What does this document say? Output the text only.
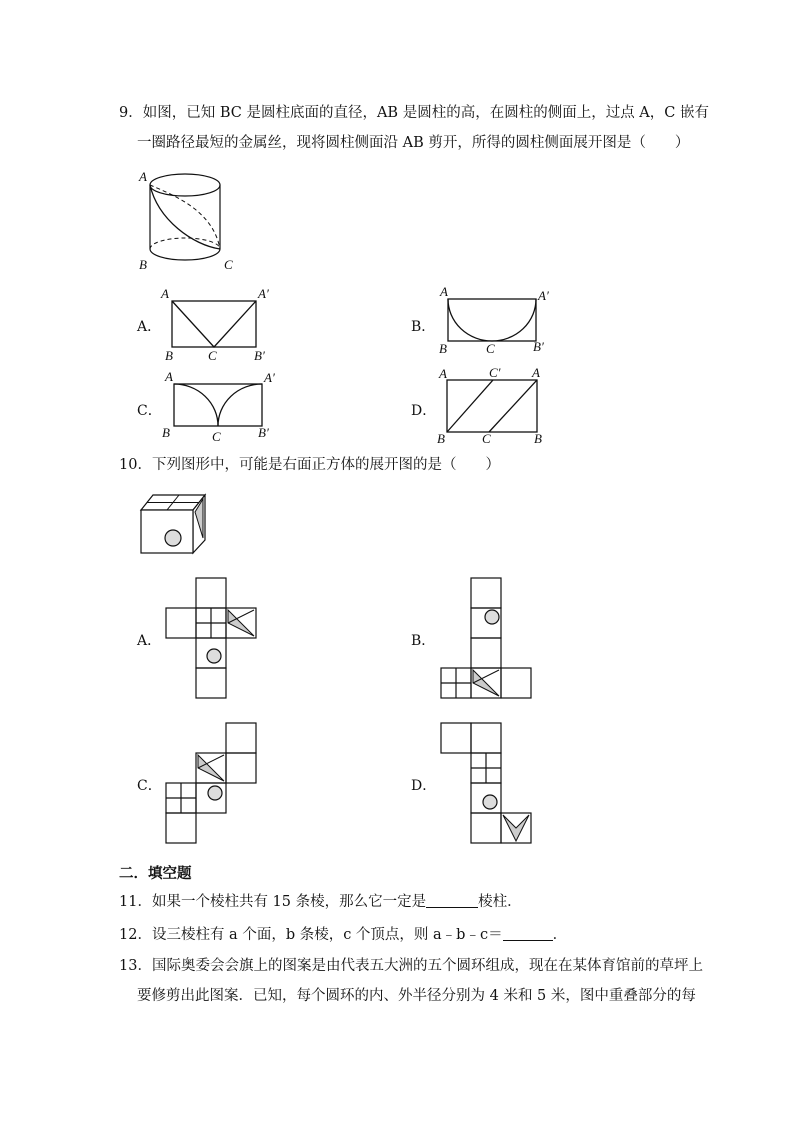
9．如图，已知 BC 是圆柱底面的直径，AB 是圆柱的高，在圆柱的侧面上，过点 A，C 嵌有
一圈路径最短的金属丝，现将圆柱侧面沿 AB 剪开，所得的圆柱侧面展开图是（　　）
A
B	C
A．
A	A′
B	C	B′
B．
A	A′
B	C	B′
C．
A	A′
B	C	B′
D．
A	C′ A
B	C	B
10．下列图形中，可能是右面正方体的展开图的是（　　）
A．	B．
C．	D．
二．填空题
11．如果一个棱柱共有 15 条棱，那么它一定是	棱柱．
12．设三棱柱有 a 个面，b 条棱，c 个顶点，则 a﹣b﹣c＝	．
13．国际奥委会会旗上的图案是由代表五大洲的五个圆环组成，现在在某体育馆前的草坪上
要修剪出此图案．已知，每个圆环的内、外半径分别为 4 米和 5 米，图中重叠部分的每
